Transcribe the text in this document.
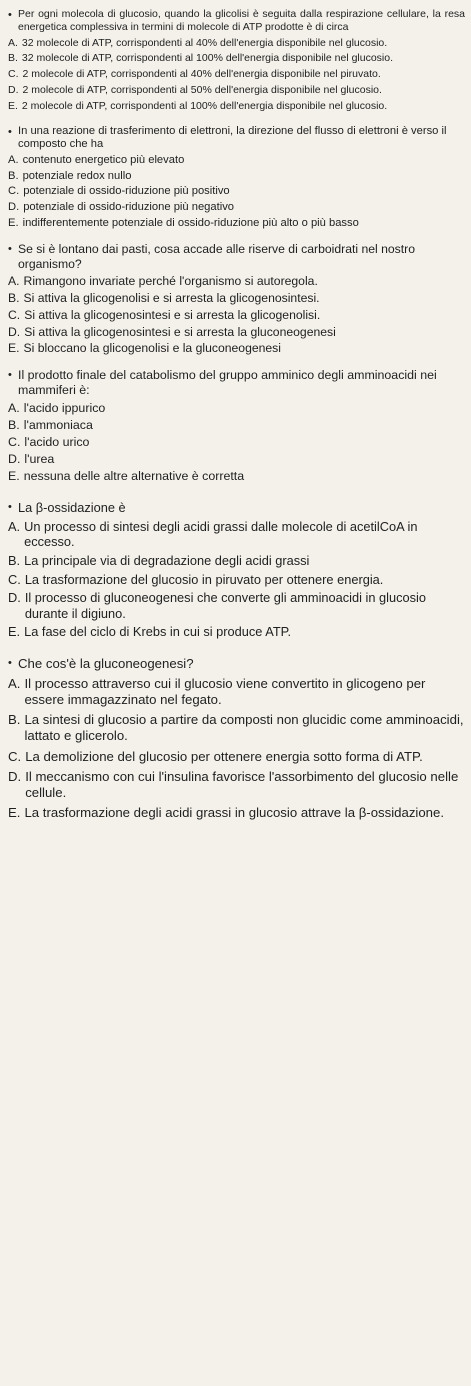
• Per ogni molecola di glucosio, quando la glicolisi è seguita dalla respirazione cellulare, la resa energetica complessiva in termini di molecole di ATP prodotte è di circa
A. 32 molecole di ATP, corrispondenti al 40% dell'energia disponibile nel glucosio.
B. 32 molecole di ATP, corrispondenti al 100% dell'energia disponibile nel glucosio.
C. 2 molecole di ATP, corrispondenti al 40% dell'energia disponibile nel piruvato.
D. 2 molecole di ATP, corrispondenti al 50% dell'energia disponibile nel glucosio.
E. 2 molecole di ATP, corrispondenti al 100% dell'energia disponibile nel glucosio.
• In una reazione di trasferimento di elettroni, la direzione del flusso di elettroni è verso il composto che ha
A. contenuto energetico più elevato
B. potenziale redox nullo
C. potenziale di ossido-riduzione più positivo
D. potenziale di ossido-riduzione più negativo
E. indifferentemente potenziale di ossido-riduzione più alto o più basso
• Se si è lontano dai pasti, cosa accade alle riserve di carboidrati nel nostro organismo?
A. Rimangono invariate perché l'organismo si autoregola.
B. Si attiva la glicogenolisi e si arresta la glicogenosintesi.
C. Si attiva la glicogenosintesi e si arresta la glicogenolisi.
D. Si attiva la glicogenosintesi e si arresta la gluconeogenesi
E. Si bloccano la glicogenolisi e la gluconeogenesi
• Il prodotto finale del catabolismo del gruppo amminico degli amminoacidi nei mammiferi è:
A. l'acido ippurico
B. l'ammoniaca
C. l'acido urico
D. l'urea
E. nessuna delle altre alternative è corretta
• La β-ossidazione è
A. Un processo di sintesi degli acidi grassi dalle molecole di acetilCoA in eccesso.
B. La principale via di degradazione degli acidi grassi
C. La trasformazione del glucosio in piruvato per ottenere energia.
D. Il processo di gluconeogenesi che converte gli amminoacidi in glucosio durante il digiuno.
E. La fase del ciclo di Krebs in cui si produce ATP.
• Che cos'è la gluconeogenesi?
A. Il processo attraverso cui il glucosio viene convertito in glicogeno per essere immagazzinato nel fegato.
B. La sintesi di glucosio a partire da composti non glucidic come amminoacidi, lattato e glicerolo.
C. La demolizione del glucosio per ottenere energia sotto forma di ATP.
D. Il meccanismo con cui l'insulina favorisce l'assorbimento del glucosio nelle cellule.
E. La trasformazione degli acidi grassi in glucosio attrave la β-ossidazione.
